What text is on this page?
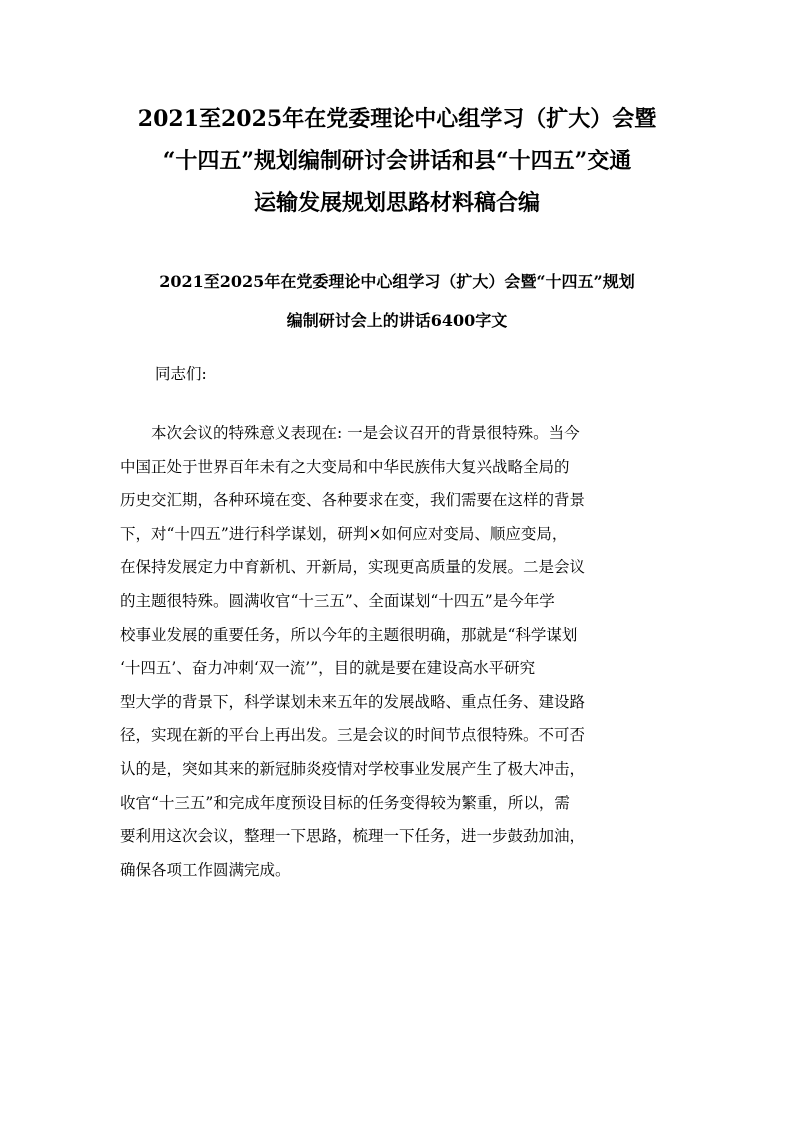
2021至2025年在党委理论中心组学习（扩大）会暨
“十四五”规划编制研讨会讲话和县“十四五”交通
运输发展规划思路材料稿合编
2021至2025年在党委理论中心组学习（扩大）会暨“十四五”规划
编制研讨会上的讲话6400字文

同志们:

　　本次会议的特殊意义表现在: 一是会议召开的背景很特殊。当今
中国正处于世界百年未有之大变局和中华民族伟大复兴战略全局的
历史交汇期，各种环境在变、各种要求在变，我们需要在这样的背景
下，对“十四五”进行科学谋划，研判×如何应对变局、顺应变局，
在保持发展定力中育新机、开新局，实现更高质量的发展。二是会议
的主题很特殊。圆满收官“十三五”、全面谋划“十四五”是今年学
校事业发展的重要任务，所以今年的主题很明确，那就是“科学谋划
‘十四五’、奋力冲刺‘双一流’”，目的就是要在建设高水平研究
型大学的背景下，科学谋划未来五年的发展战略、重点任务、建设路
径，实现在新的平台上再出发。三是会议的时间节点很特殊。不可否
认的是，突如其来的新冠肺炎疫情对学校事业发展产生了极大冲击，
收官“十三五”和完成年度预设目标的任务变得较为繁重，所以，需
要利用这次会议，整理一下思路，梳理一下任务，进一步鼓劲加油，
确保各项工作圆满完成。
